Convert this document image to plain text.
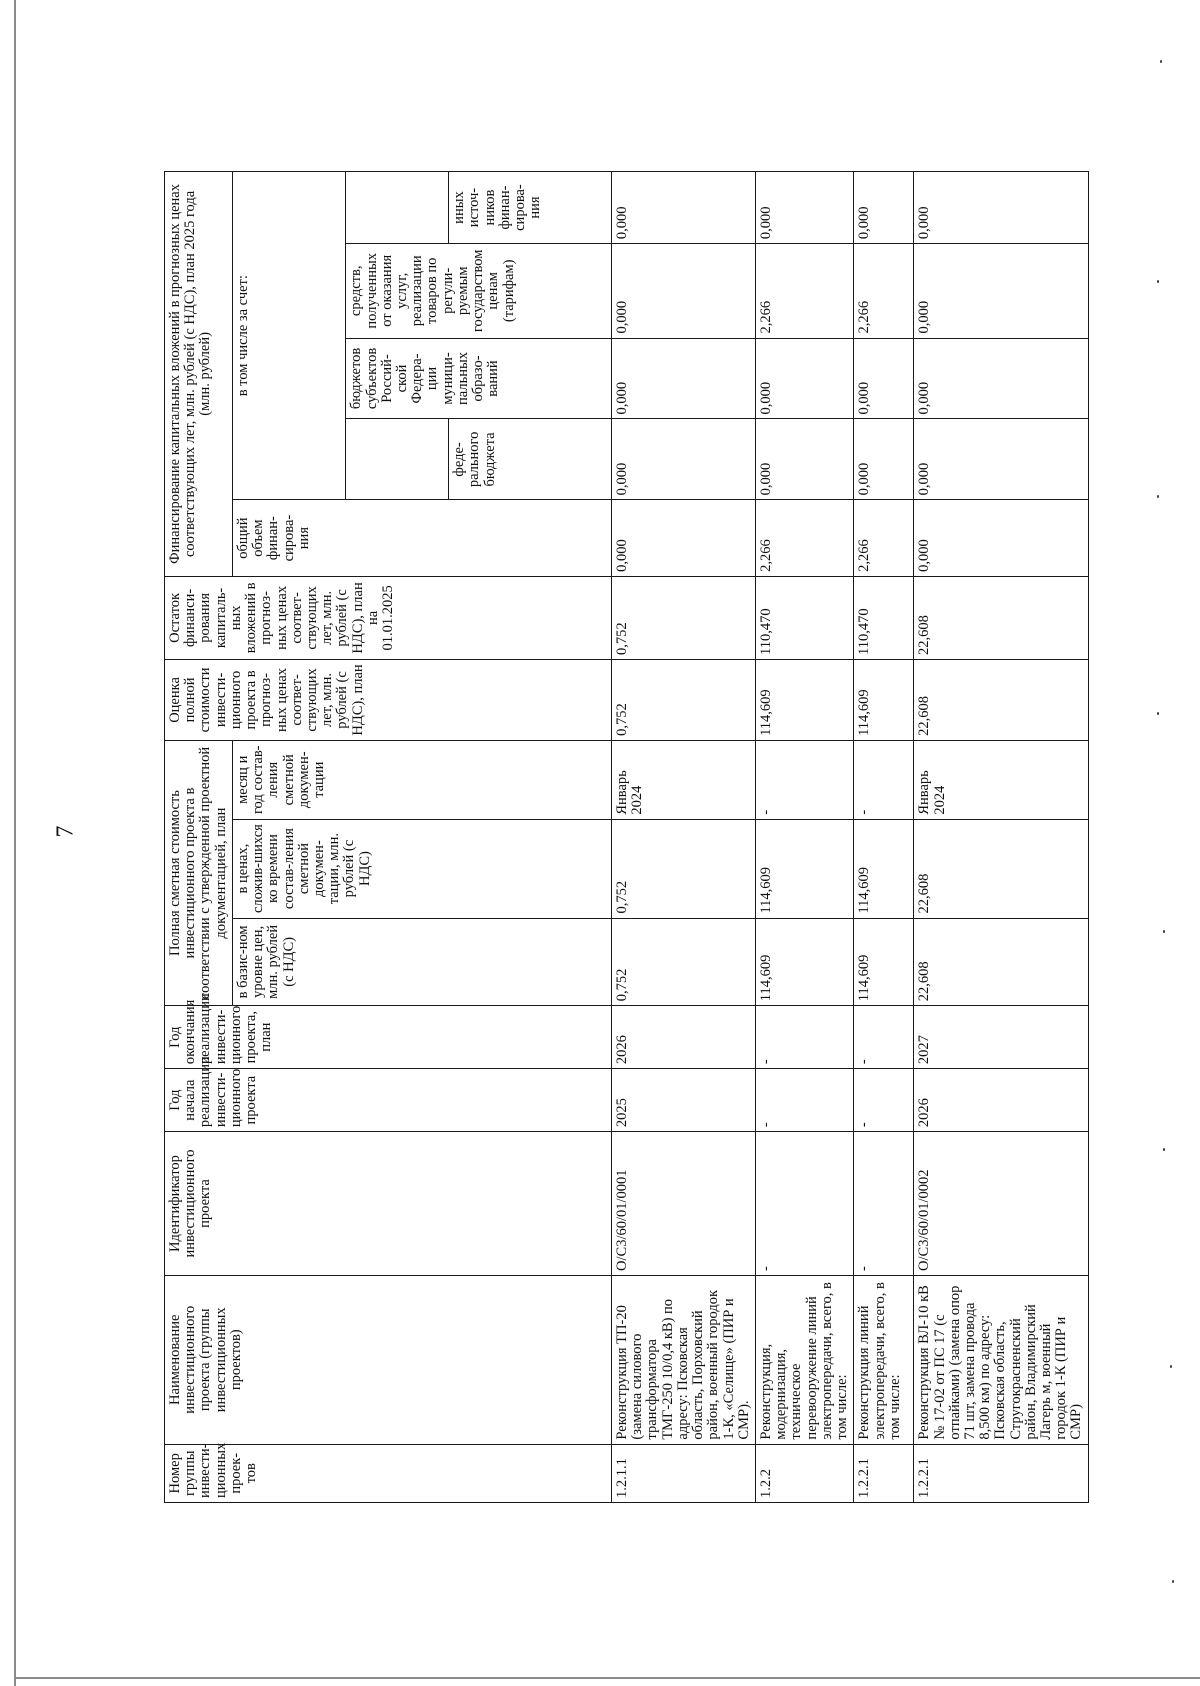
7
Номер группы инвести-ционных проек-тов	Наименование инвестиционного проекта (группы инвестиционных проектов)	Идентификатор инвестиционного проекта	Год начала реализации инвести-ционного проекта	Год окончания реализации инвести-ционного проекта, план	Полная сметная стоимость инвестиционного проекта в соответствии с утвержденной проектной документацией, план			Оценка полной стоимости инвести-ционного проекта в прогноз-ных ценах соответ-ствующих лет, млн. рублей (с НДС), план	Остаток финанси-рования капиталь-ных вложений в прогноз-ных ценах соответ-ствующих лет, млн. рублей (с НДС), план на 01.01.2025	Финансирование капитальных вложений в прогнозных ценах соответствующих лет, млн. рублей (с НДС), план 2025 года (млн. рублей)				
					в базис-ном уровне цен, млн. рублей (с НДС)	в ценах, сложив-шихся ко времени состав-ления сметной докумен-тации, млн. рублей (с НДС)	месяц и год состав-ления сметной докумен-тации			общий объем финан-сирова-ния	в том числе за счет:			
												бюджетов субъектов Россий-ской Федера-ции муници-пальных образо-ваний	средств, полученных от оказания услуг, реализации товаров по регули-руемым государством ценам (тарифам)	
											феде-рального бюджета			иных источ-ников финан-сирова-ния
1.2.1.1	Реконструкция ТП-20 (замена силового трансформатора ТМГ-250 10/0,4 кВ) по адресу: Псковская область, Порховский район, военный городок 1-К, «Селище» (ПИР и СМР).	O/C3/60/01/0001	2025	2026	0,752	0,752	Январь 2024	0,752	0,752	0,000	0,000	0,000	0,000	0,000
1.2.2	Реконструкция, модернизация, техническое перевооружение линий электропередачи, всего, в том числе:	-	-	-	114,609	114,609	-	114,609	110,470	2,266	0,000	0,000	2,266	0,000
1.2.2.1	Реконструкция линий электропередачи, всего, в том числе:	-	-	-	114,609	114,609	-	114,609	110,470	2,266	0,000	0,000	2,266	0,000
1.2.2.1	Реконструкция ВЛ-10 кВ № 17-02 от ПС 17 (с отпайками) (замена опор 71 шт, замена провода 8,500 км) по адресу: Псковская область, Стругокрасненский район, Владимирский Лагерь м, военный городок 1-К (ПИР и СМР)	O/C3/60/01/0002	2026	2027	22,608	22,608	Январь 2024	22,608	22,608	0,000	0,000	0,000	0,000	0,000
